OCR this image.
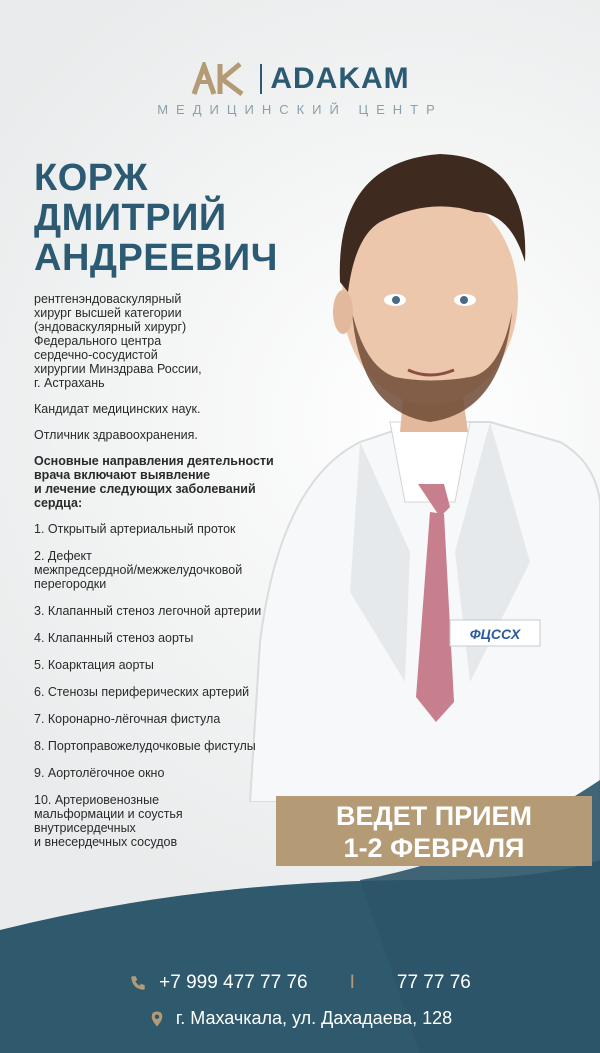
ФЦССХ
ADAKAM
МЕДИЦИНСКИЙ ЦЕНТР
КОРЖ
ДМИТРИЙ
АНДРЕЕВИЧ

рентгенэндоваскулярный
хирург высшей категории
(эндоваскулярный хирург)
Федерального центра
сердечно-сосудистой
хирургии Минздрава России,
г. Астрахань

Кандидат медицинских наук.

Отличник здравоохранения.

Основные направления деятельности
врача включают выявление
и лечение следующих заболеваний
сердца:

1. Открытый артериальный проток
2. Дефект
межпредсердной/межжелудочковой
перегородки
3. Клапанный стеноз легочной артерии
4. Клапанный стеноз аорты
5. Коарктация аорты
6. Стенозы периферических артерий
7. Коронарно-лёгочная фистула
8. Портоправожелудочковые фистулы
9. Аортолёгочное окно
10. Артериовенозные
мальформации и соустья
внутрисердечных
и внесердечных сосудов
ВЕДЕТ ПРИЕМ
1-2 ФЕВРАЛЯ
+7 999 477 77 76 I 77 77 76
г. Махачкала, ул. Дахадаева, 128
